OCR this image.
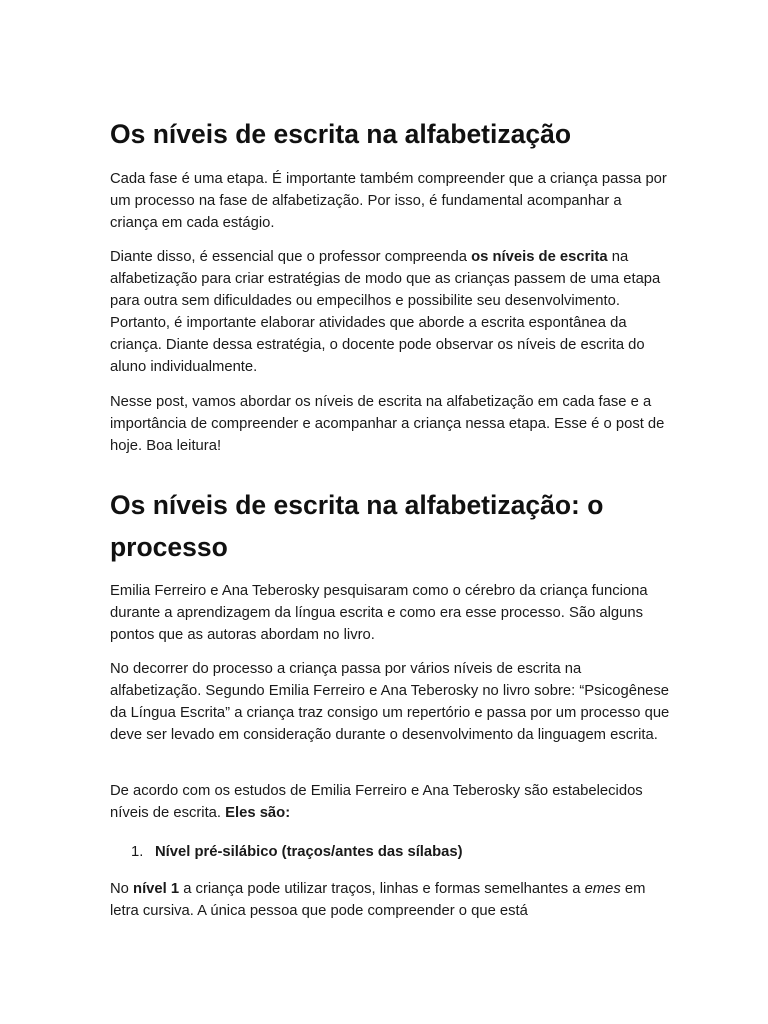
Os níveis de escrita na alfabetização

Cada fase é uma etapa. É importante também compreender que a criança passa por um processo na fase de alfabetização. Por isso, é fundamental acompanhar a criança em cada estágio.

Diante disso, é essencial que o professor compreenda os níveis de escrita na alfabetização para criar estratégias de modo que as crianças passem de uma etapa para outra sem dificuldades ou empecilhos e possibilite seu desenvolvimento. Portanto, é importante elaborar atividades que aborde a escrita espontânea da criança. Diante dessa estratégia, o docente pode observar os níveis de escrita do aluno individualmente.

Nesse post, vamos abordar os níveis de escrita na alfabetização em cada fase e a importância de compreender e acompanhar a criança nessa etapa. Esse é o post de hoje. Boa leitura!

Os níveis de escrita na alfabetização: o processo

Emilia Ferreiro e Ana Teberosky pesquisaram como o cérebro da criança funciona durante a aprendizagem da língua escrita e como era esse processo. São alguns pontos que as autoras abordam no livro.

No decorrer do processo a criança passa por vários níveis de escrita na alfabetização. Segundo Emilia Ferreiro e Ana Teberosky no livro sobre: “Psicogênese da Língua Escrita” a criança traz consigo um repertório e passa por um processo que deve ser levado em consideração durante o desenvolvimento da linguagem escrita.

De acordo com os estudos de Emilia Ferreiro e Ana Teberosky são estabelecidos níveis de escrita. Eles são:

1. Nível pré-silábico (traços/antes das sílabas)

No nível 1 a criança pode utilizar traços, linhas e formas semelhantes a emes em letra cursiva. A única pessoa que pode compreender o que está
